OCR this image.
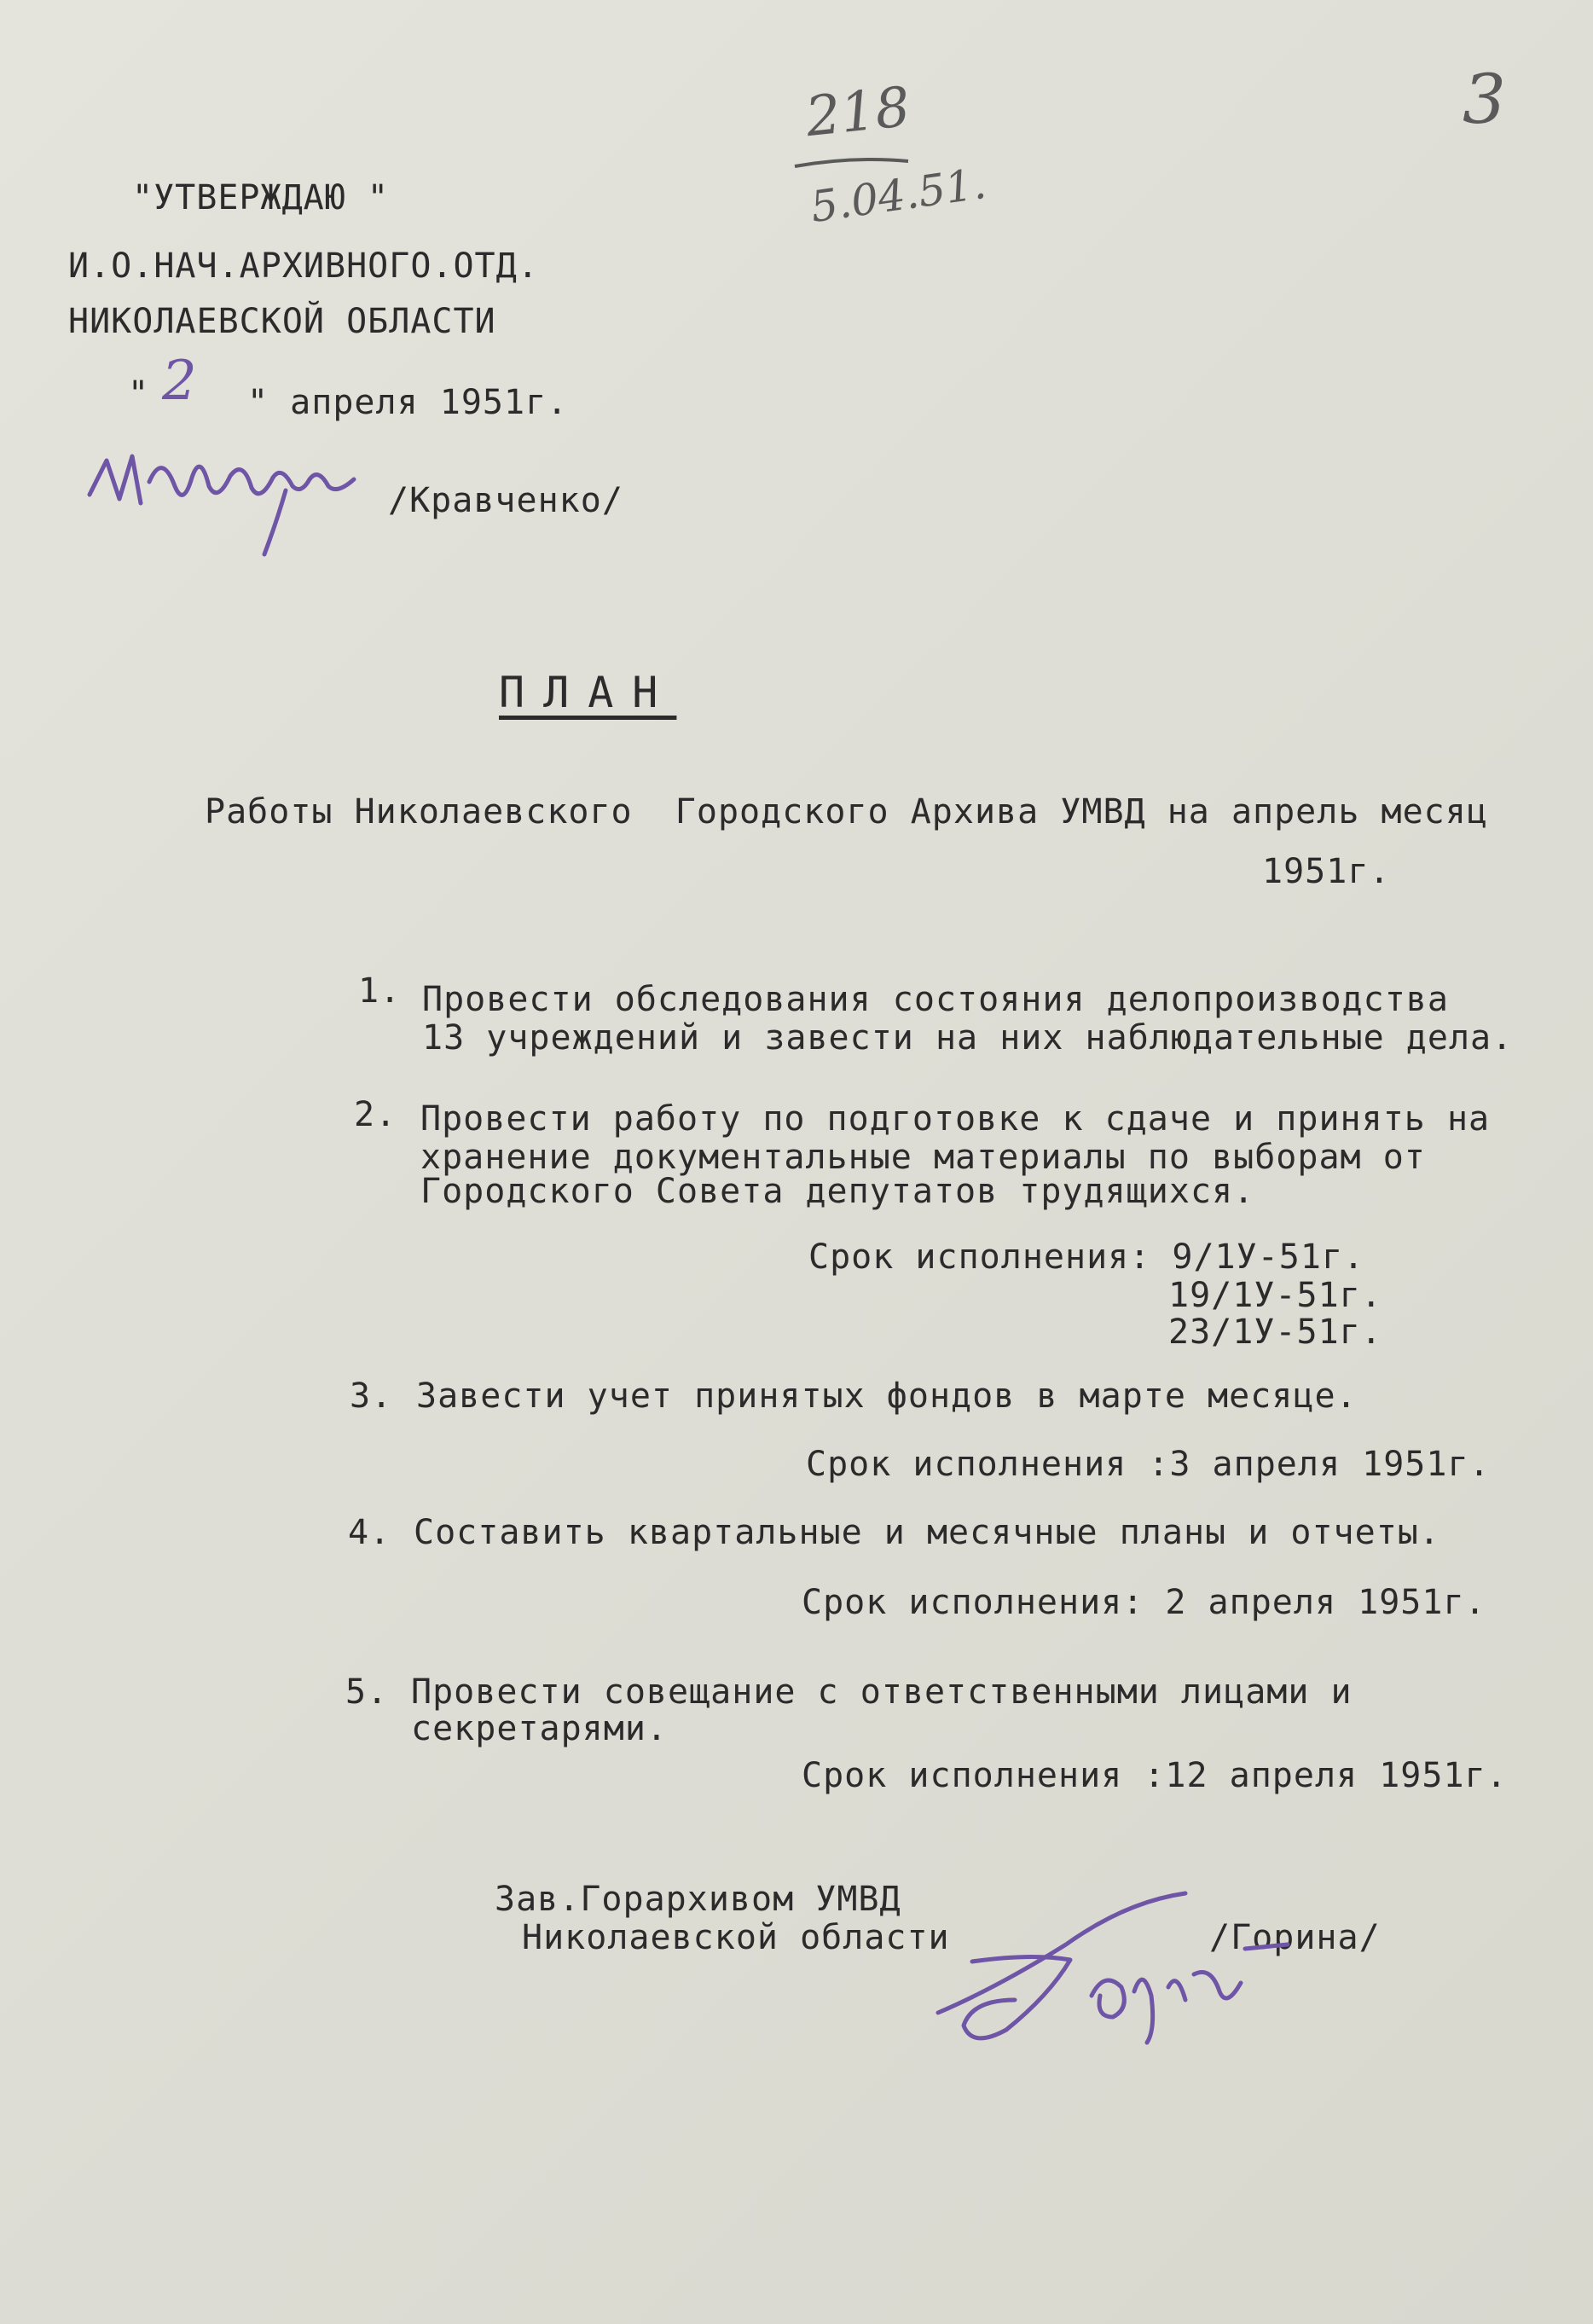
3
218
5.04.51.
"УТВЕРЖДАЮ "
И.О.НАЧ.АРХИВНОГО.ОТД.
НИКОЛАЕВСКОЙ ОБЛАСТИ
" 2 " апреля 1951г.
/Кравченко/
ПЛАН
Работы Николаевского  Городского Архива УМВД на апрель месяц
1951г.
1. Провести обследования состояния делопроизводства
13 учреждений и завести на них наблюдательные дела.
2. Провести работу по подготовке к сдаче и принять на
хранение документальные материалы по выборам от
Городского Совета депутатов трудящихся.
Срок исполнения: 9/1У-51г.
19/1У-51г.
23/1У-51г.
3. Завести учет принятых фондов в марте месяце.
Срок исполнения :3 апреля 1951г.
4. Составить квартальные и месячные планы и отчеты.
Срок исполнения: 2 апреля 1951г.
5. Провести совещание с ответственными лицами и
секретарями.
Срок исполнения :12 апреля 1951г.
Зав.Горархивом УМВД
Николаевской области	/Горина/
